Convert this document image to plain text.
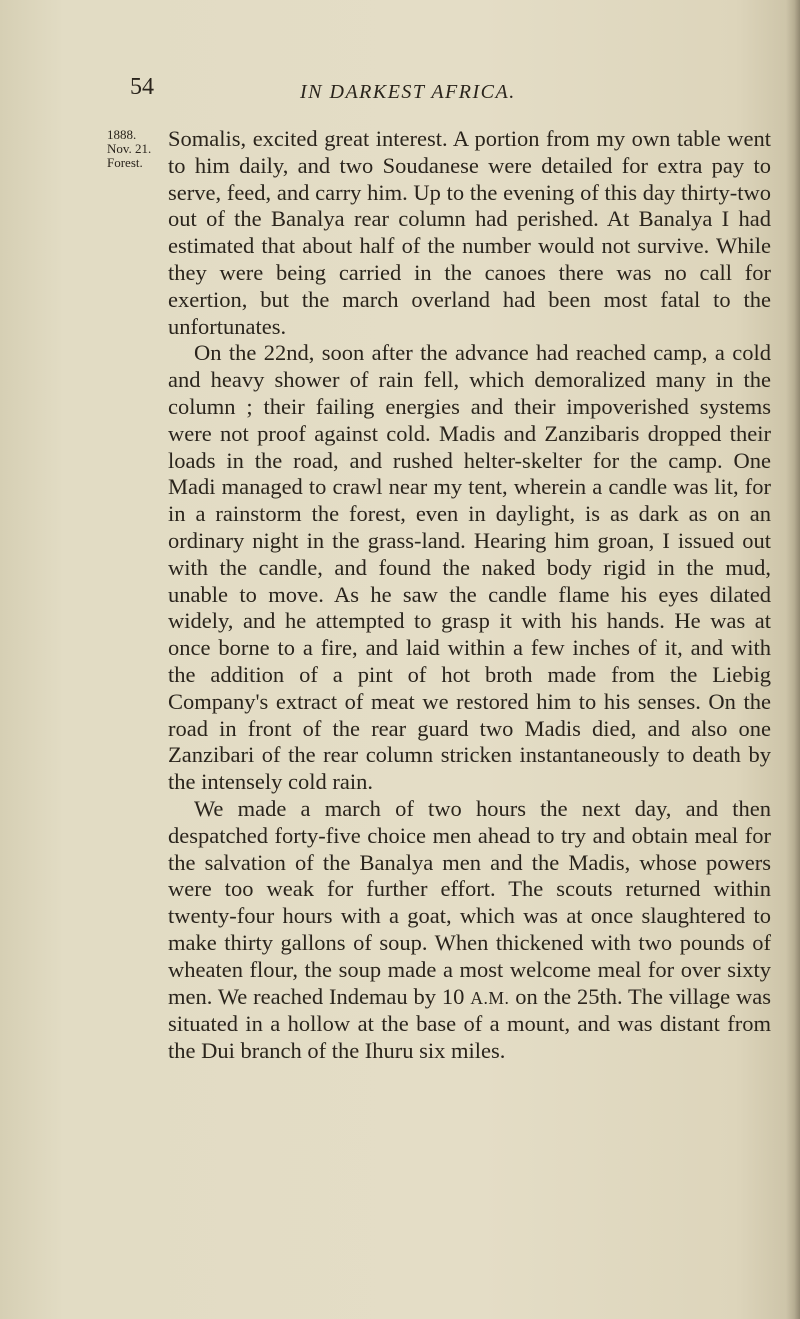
54	IN DARKEST AFRICA.
1888.
Nov. 21.
Forest.

Somalis, excited great interest. A portion from my own table went to him daily, and two Soudanese were detailed for extra pay to serve, feed, and carry him. Up to the evening of this day thirty-two out of the Banalya rear column had perished. At Banalya I had estimated that about half of the number would not survive. While they were being carried in the canoes there was no call for exertion, but the march overland had been most fatal to the unfortunates.

On the 22nd, soon after the advance had reached camp, a cold and heavy shower of rain fell, which demoralized many in the column ; their failing energies and their impoverished systems were not proof against cold. Madis and Zanzibaris dropped their loads in the road, and rushed helter-skelter for the camp. One Madi managed to crawl near my tent, wherein a candle was lit, for in a rainstorm the forest, even in daylight, is as dark as on an ordinary night in the grass-land. Hearing him groan, I issued out with the candle, and found the naked body rigid in the mud, unable to move. As he saw the candle flame his eyes dilated widely, and he attempted to grasp it with his hands. He was at once borne to a fire, and laid within a few inches of it, and with the addition of a pint of hot broth made from the Liebig Company's extract of meat we restored him to his senses. On the road in front of the rear guard two Madis died, and also one Zanzibari of the rear column stricken instantaneously to death by the intensely cold rain.

We made a march of two hours the next day, and then despatched forty-five choice men ahead to try and obtain meal for the salvation of the Banalya men and the Madis, whose powers were too weak for further effort. The scouts returned within twenty-four hours with a goat, which was at once slaughtered to make thirty gallons of soup. When thickened with two pounds of wheaten flour, the soup made a most welcome meal for over sixty men. We reached Indemau by 10 A.M. on the 25th. The village was situated in a hollow at the base of a mount, and was distant from the Dui branch of the Ihuru six miles.
